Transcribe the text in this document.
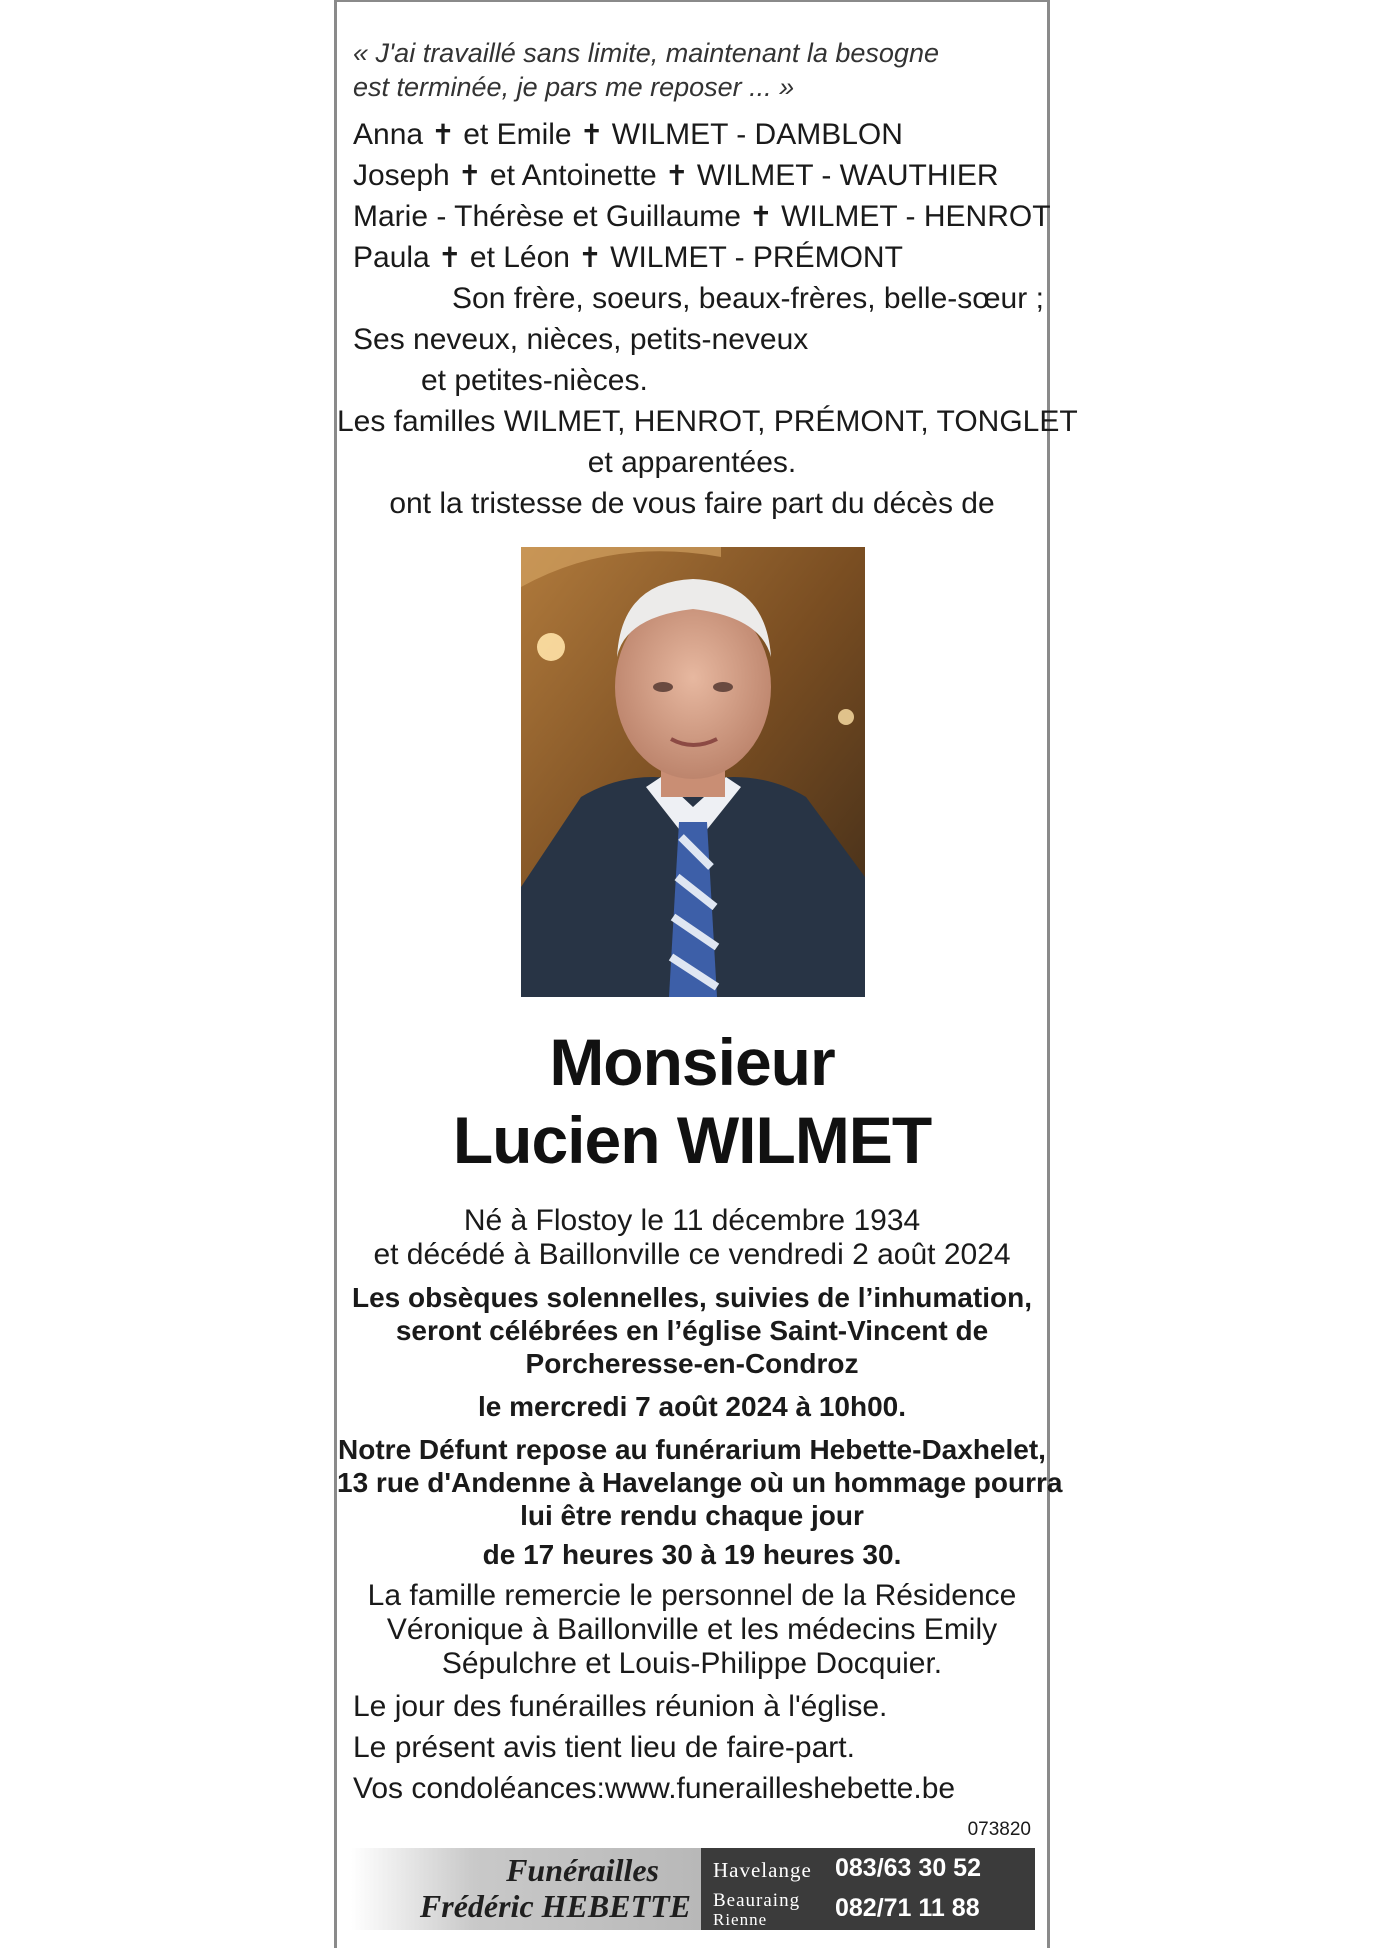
« J'ai travaillé sans limite, maintenant la besogne

est terminée, je pars me reposer ... »

Anna ✝ et Emile ✝ WILMET - DAMBLON

Joseph ✝ et Antoinette ✝ WILMET - WAUTHIER

Marie - Thérèse et Guillaume ✝ WILMET - HENROT

Paula ✝ et Léon ✝ WILMET - PRÉMONT

Son frère, soeurs, beaux-frères, belle-sœur ;

Ses neveux, nièces, petits-neveux

et petites-nièces.

Les familles WILMET, HENROT, PRÉMONT, TONGLET

et apparentées.

ont la tristesse de vous faire part du décès de

Monsieur

Lucien WILMET

Né à Flostoy le 11 décembre 1934

et décédé à Baillonville ce vendredi 2 août 2024

Les obsèques solennelles, suivies de l’inhumation,

seront célébrées en l’église Saint-Vincent de

Porcheresse-en-Condroz

le mercredi 7 août 2024 à 10h00.

Notre Défunt repose au funérarium Hebette-Daxhelet,

13 rue d'Andenne à Havelange où un hommage pourra

lui être rendu chaque jour

de 17 heures 30 à 19 heures 30.

La famille remercie le personnel de la Résidence

Véronique à Baillonville et les médecins Emily

Sépulchre et Louis-Philippe Docquier.

Le jour des funérailles réunion à l'église.

Le présent avis tient lieu de faire-part.

Vos condoléances:www.funerailleshebette.be

073820

Funérailles
Frédéric HEBETTE
Havelange 083/63 30 52
Beauraing
Rienne	082/71 11 88
